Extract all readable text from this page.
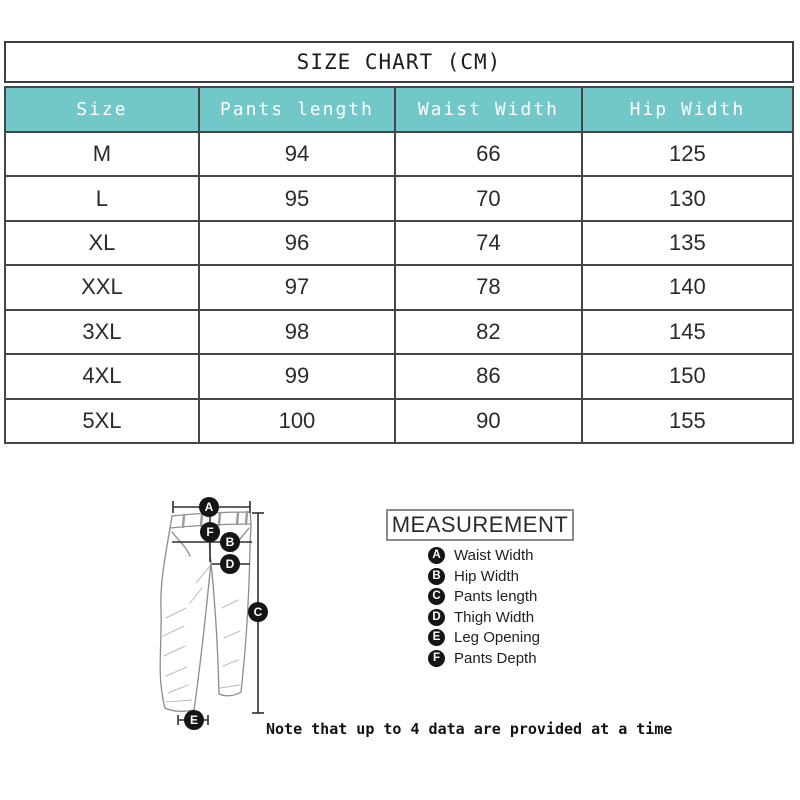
SIZE CHART (CM)
Size	Pants length	Waist Width	Hip Width
M	94	66	125
L	95	70	130
XL	96	74	135
XXL	97	78	140
3XL	98	82	145
4XL	99	86	150
5XL	100	90	155
A
F
B
D
C
E
MEASUREMENT
A Waist Width
B Hip Width
C Pants length
D Thigh Width
E Leg Opening
F Pants Depth
Note that up to 4 data are provided at a time
